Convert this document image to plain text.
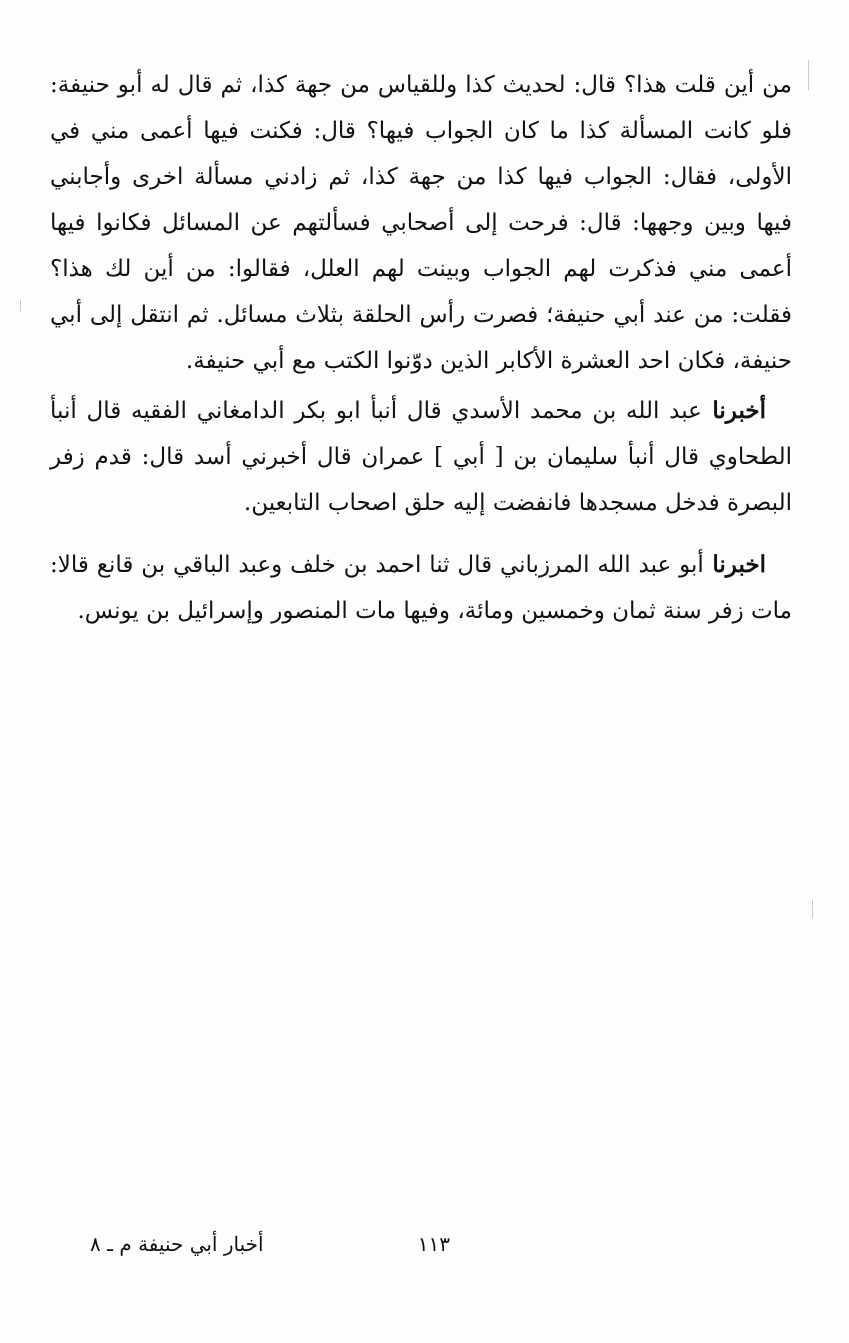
من أين قلت هذا؟ قال: لحديث كذا وللقياس من جهة كذا، ثم قال له أبو حنيفة: فلو كانت المسألة كذا ما كان الجواب فيها؟ قال: فكنت فيها أعمى مني في الأولى، فقال: الجواب فيها كذا من جهة كذا، ثم زادني مسألة اخرى وأجابني فيها وبين وجهها: قال: فرحت إلى أصحابي فسألتهم عن المسائل فكانوا فيها أعمى مني فذكرت لهم الجواب وبينت لهم العلل، فقالوا: من أين لك هذا؟ فقلت: من عند أبي حنيفة؛ فصرت رأس الحلقة بثلاث مسائل. ثم انتقل إلى أبي حنيفة، فكان احد العشرة الأكابر الذين دوّنوا الكتب مع أبي حنيفة.
أخبرنا عبد الله بن محمد الأسدي قال أنبأ ابو بكر الدامغاني الفقيه قال أنبأ الطحاوي قال أنبأ سليمان بن [ أبي ] عمران قال أخبرني أسد قال: قدم زفر البصرة فدخل مسجدها فانفضت إليه حلق اصحاب التابعين.
اخبرنا أبو عبد الله المرزباني قال ثنا احمد بن خلف وعبد الباقي بن قانع قالا: مات زفر سنة ثمان وخمسين ومائة، وفيها مات المنصور وإسرائيل بن يونس.
١١٣
أخبار أبي حنيفة م ـ ٨
